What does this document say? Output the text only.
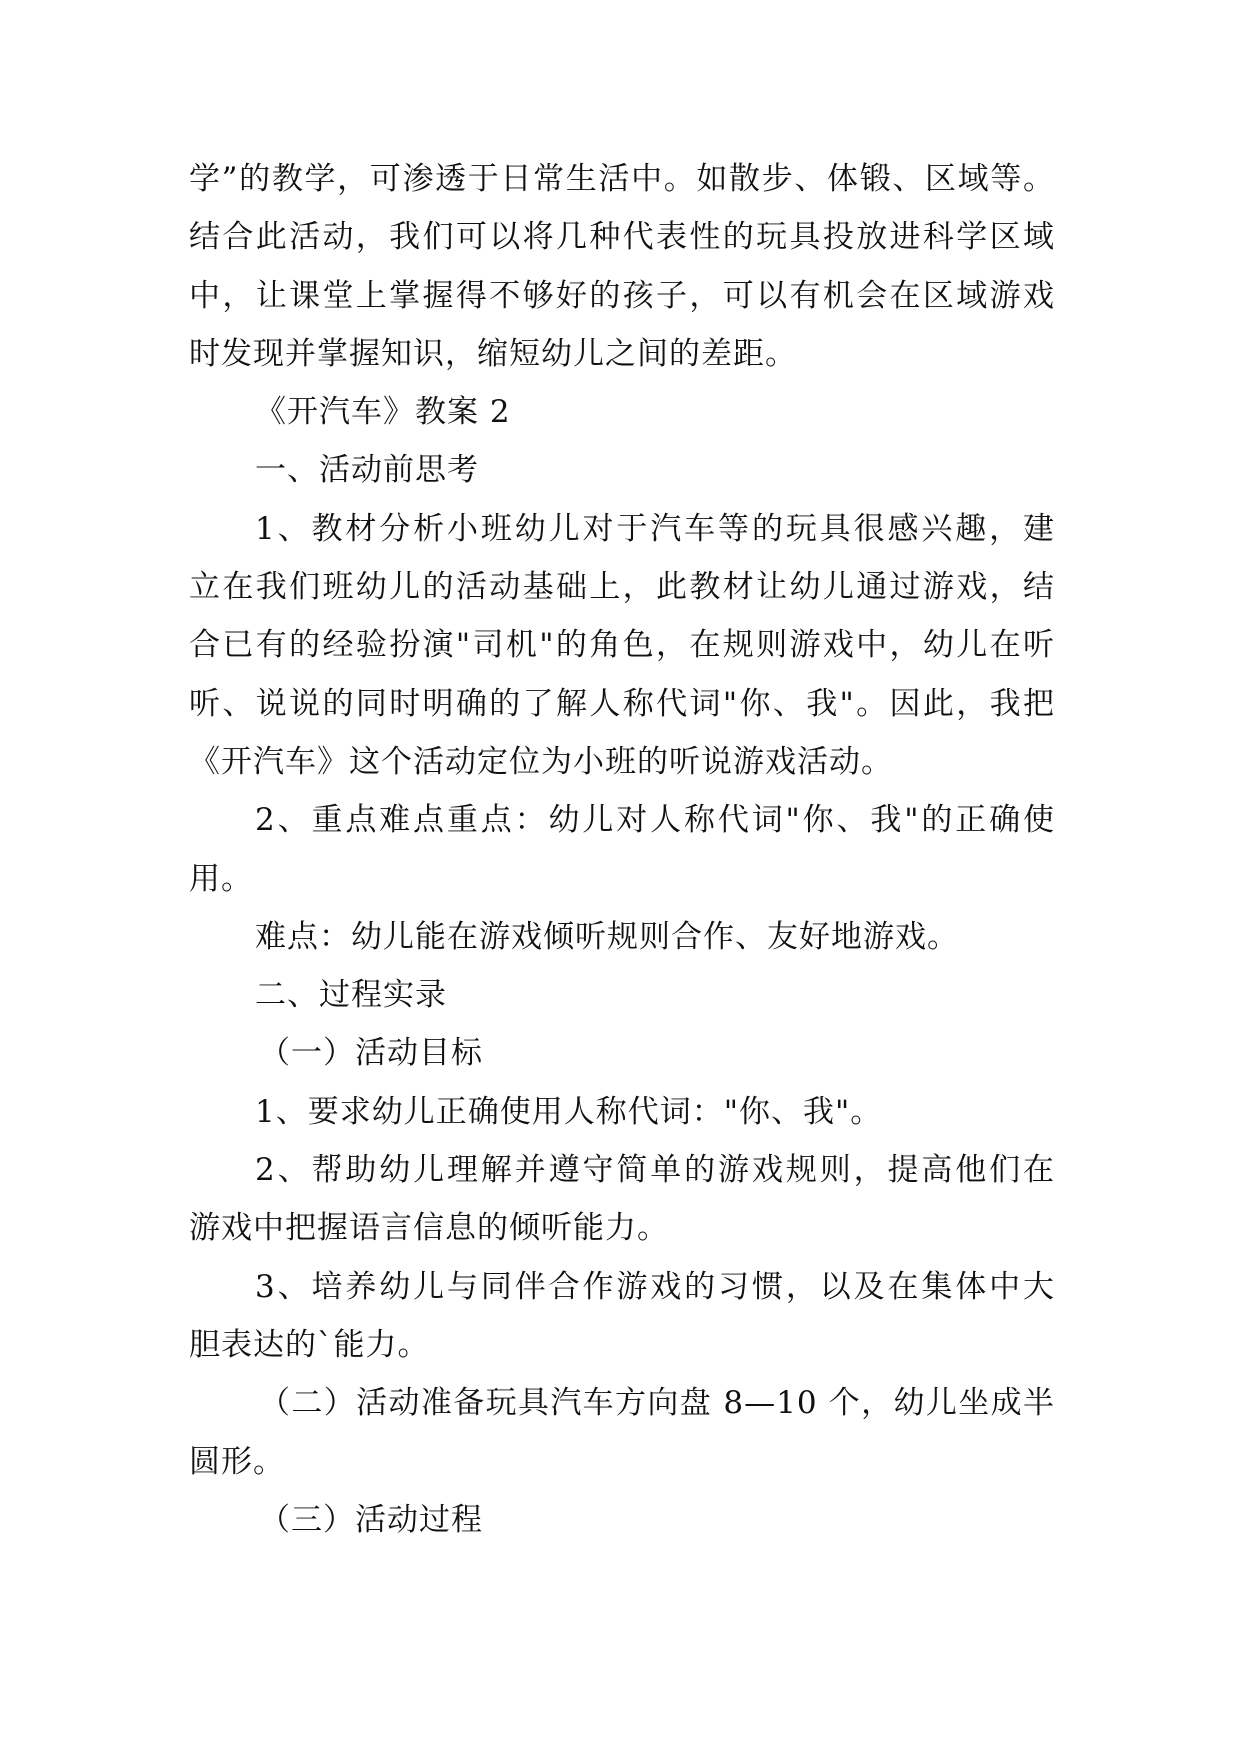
学”的教学，可渗透于日常生活中。如散步、体锻、区域等。
结合此活动，我们可以将几种代表性的玩具投放进科学区域
中，让课堂上掌握得不够好的孩子，可以有机会在区域游戏
时发现并掌握知识，缩短幼儿之间的差距。
《开汽车》教案 2
一、活动前思考
1、教材分析小班幼儿对于汽车等的玩具很感兴趣，建
立在我们班幼儿的活动基础上，此教材让幼儿通过游戏，结
合已有的经验扮演"司机"的角色，在规则游戏中，幼儿在听
听、说说的同时明确的了解人称代词"你、我"。因此，我把
《开汽车》这个活动定位为小班的听说游戏活动。
2、重点难点重点：幼儿对人称代词"你、我"的正确使
用。
难点：幼儿能在游戏倾听规则合作、友好地游戏。
二、过程实录
（一）活动目标
1、要求幼儿正确使用人称代词："你、我"。
2、帮助幼儿理解并遵守简单的游戏规则，提高他们在
游戏中把握语言信息的倾听能力。
3、培养幼儿与同伴合作游戏的习惯，以及在集体中大
胆表达的`能力。
（二）活动准备玩具汽车方向盘 8—10 个，幼儿坐成半
圆形。
（三）活动过程
